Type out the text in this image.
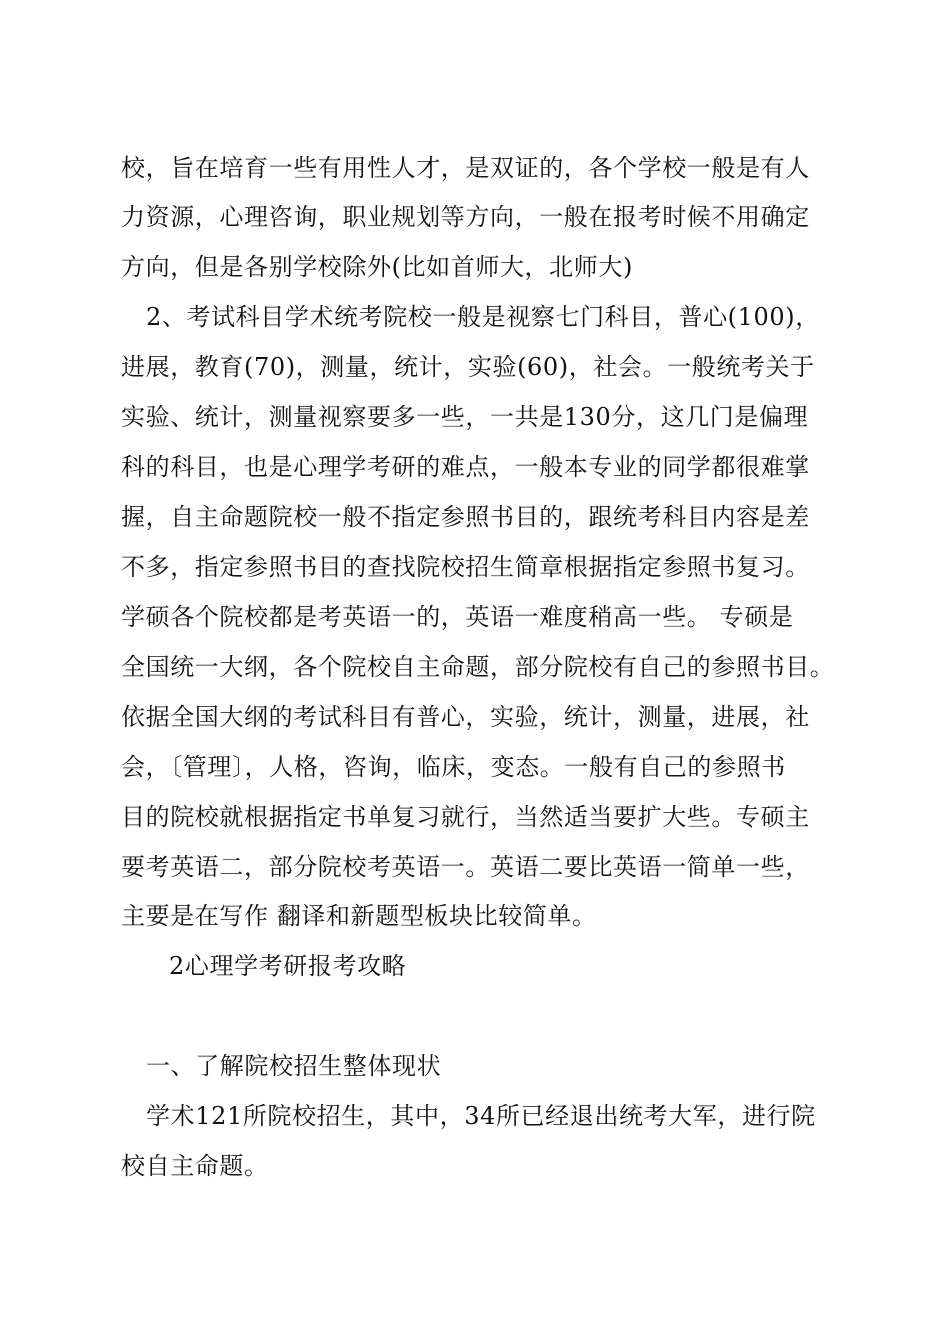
校，旨在培育一些有用性人才，是双证的，各个学校一般是有人
力资源，心理咨询，职业规划等方向，一般在报考时候不用确定
方向，但是各别学校除外(比如首师大，北师大)
2、考试科目学术统考院校一般是视察七门科目，普心(100)，
进展，教育(70)，测量，统计，实验(60)，社会。一般统考关于
实验、统计，测量视察要多一些，一共是130分，这几门是偏理
科的科目，也是心理学考研的难点，一般本专业的同学都很难掌
握，自主命题院校一般不指定参照书目的，跟统考科目内容是差
不多，指定参照书目的查找院校招生简章根据指定参照书复习。
学硕各个院校都是考英语一的，英语一难度稍高一些。 专硕是
全国统一大纲，各个院校自主命题，部分院校有自己的参照书目。
依据全国大纲的考试科目有普心，实验，统计，测量，进展，社
会，〔管理〕，人格，咨询，临床，变态。一般有自己的参照书
目的院校就根据指定书单复习就行，当然适当要扩大些。专硕主
要考英语二，部分院校考英语一。英语二要比英语一简单一些，
主要是在写作 翻译和新题型板块比较简单。
2心理学考研报考攻略
一、了解院校招生整体现状
学术121所院校招生，其中，34所已经退出统考大军，进行院
校自主命题。
